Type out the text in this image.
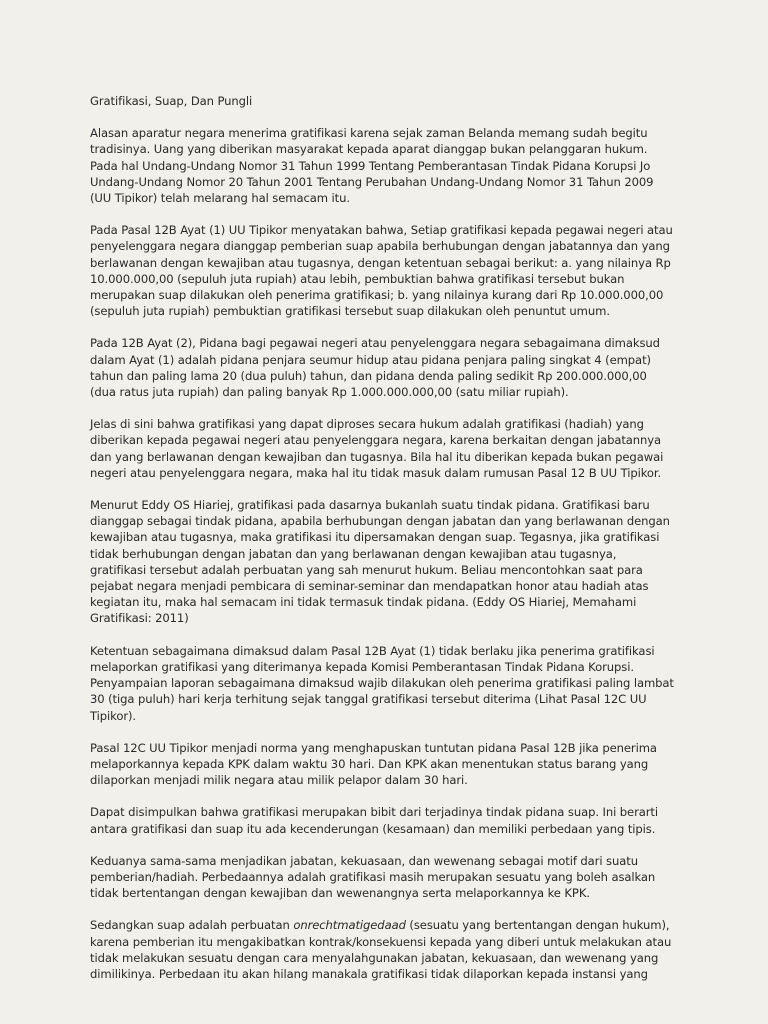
Gratifikasi, Suap, Dan Pungli

Alasan aparatur negara menerima gratifikasi karena sejak zaman Belanda memang sudah begitu tradisinya. Uang yang diberikan masyarakat kepada aparat dianggap bukan pelanggaran hukum. Pada hal Undang-Undang Nomor 31 Tahun 1999 Tentang Pemberantasan Tindak Pidana Korupsi Jo Undang-Undang Nomor 20 Tahun 2001 Tentang Perubahan Undang-Undang Nomor 31 Tahun 2009 (UU Tipikor) telah melarang hal semacam itu.

Pada Pasal 12B Ayat (1) UU Tipikor menyatakan bahwa, Setiap gratifikasi kepada pegawai negeri atau penyelenggara negara dianggap pemberian suap apabila berhubungan dengan jabatannya dan yang berlawanan dengan kewajiban atau tugasnya, dengan ketentuan sebagai berikut: a. yang nilainya Rp 10.000.000,00 (sepuluh juta rupiah) atau lebih, pembuktian bahwa gratifikasi tersebut bukan merupakan suap dilakukan oleh penerima gratifikasi; b. yang nilainya kurang dari Rp 10.000.000,00 (sepuluh juta rupiah) pembuktian gratifikasi tersebut suap dilakukan oleh penuntut umum.

Pada 12B Ayat (2), Pidana bagi pegawai negeri atau penyelenggara negara sebagaimana dimaksud dalam Ayat (1) adalah pidana penjara seumur hidup atau pidana penjara paling singkat 4 (empat) tahun dan paling lama 20 (dua puluh) tahun, dan pidana denda paling sedikit Rp 200.000.000,00 (dua ratus juta rupiah) dan paling banyak Rp 1.000.000.000,00 (satu miliar rupiah).

Jelas di sini bahwa gratifikasi yang dapat diproses secara hukum adalah gratifikasi (hadiah) yang diberikan kepada pegawai negeri atau penyelenggara negara, karena berkaitan dengan jabatannya dan yang berlawanan dengan kewajiban dan tugasnya. Bila hal itu diberikan kepada bukan pegawai negeri atau penyelenggara negara, maka hal itu tidak masuk dalam rumusan Pasal 12 B UU Tipikor.

Menurut Eddy OS Hiariej, gratifikasi pada dasarnya bukanlah suatu tindak pidana. Gratifikasi baru dianggap sebagai tindak pidana, apabila berhubungan dengan jabatan dan yang berlawanan dengan kewajiban atau tugasnya, maka gratifikasi itu dipersamakan dengan suap. Tegasnya, jika gratifikasi tidak berhubungan dengan jabatan dan yang berlawanan dengan kewajiban atau tugasnya, gratifikasi tersebut adalah perbuatan yang sah menurut hukum. Beliau mencontohkan saat para pejabat negara menjadi pembicara di seminar-seminar dan mendapatkan honor atau hadiah atas kegiatan itu, maka hal semacam ini tidak termasuk tindak pidana. (Eddy OS Hiariej, Memahami Gratifikasi: 2011)

Ketentuan sebagaimana dimaksud dalam Pasal 12B Ayat (1) tidak berlaku jika penerima gratifikasi melaporkan gratifikasi yang diterimanya kepada Komisi Pemberantasan Tindak Pidana Korupsi. Penyampaian laporan sebagaimana dimaksud wajib dilakukan oleh penerima gratifikasi paling lambat 30 (tiga puluh) hari kerja terhitung sejak tanggal gratifikasi tersebut diterima (Lihat Pasal 12C UU Tipikor).

Pasal 12C UU Tipikor menjadi norma yang menghapuskan tuntutan pidana Pasal 12B jika penerima melaporkannya kepada KPK dalam waktu 30 hari. Dan KPK akan menentukan status barang yang dilaporkan menjadi milik negara atau milik pelapor dalam 30 hari.

Dapat disimpulkan bahwa gratifikasi merupakan bibit dari terjadinya tindak pidana suap. Ini berarti antara gratifikasi dan suap itu ada kecenderungan (kesamaan) dan memiliki perbedaan yang tipis.

Keduanya sama-sama menjadikan jabatan, kekuasaan, dan wewenang sebagai motif dari suatu pemberian/hadiah. Perbedaannya adalah gratifikasi masih merupakan sesuatu yang boleh asalkan tidak bertentangan dengan kewajiban dan wewenangnya serta melaporkannya ke KPK.

Sedangkan suap adalah perbuatan onrechtmatigedaad (sesuatu yang bertentangan dengan hukum), karena pemberian itu mengakibatkan kontrak/konsekuensi kepada yang diberi untuk melakukan atau tidak melakukan sesuatu dengan cara menyalahgunakan jabatan, kekuasaan, dan wewenang yang dimilikinya. Perbedaan itu akan hilang manakala gratifikasi tidak dilaporkan kepada instansi yang
